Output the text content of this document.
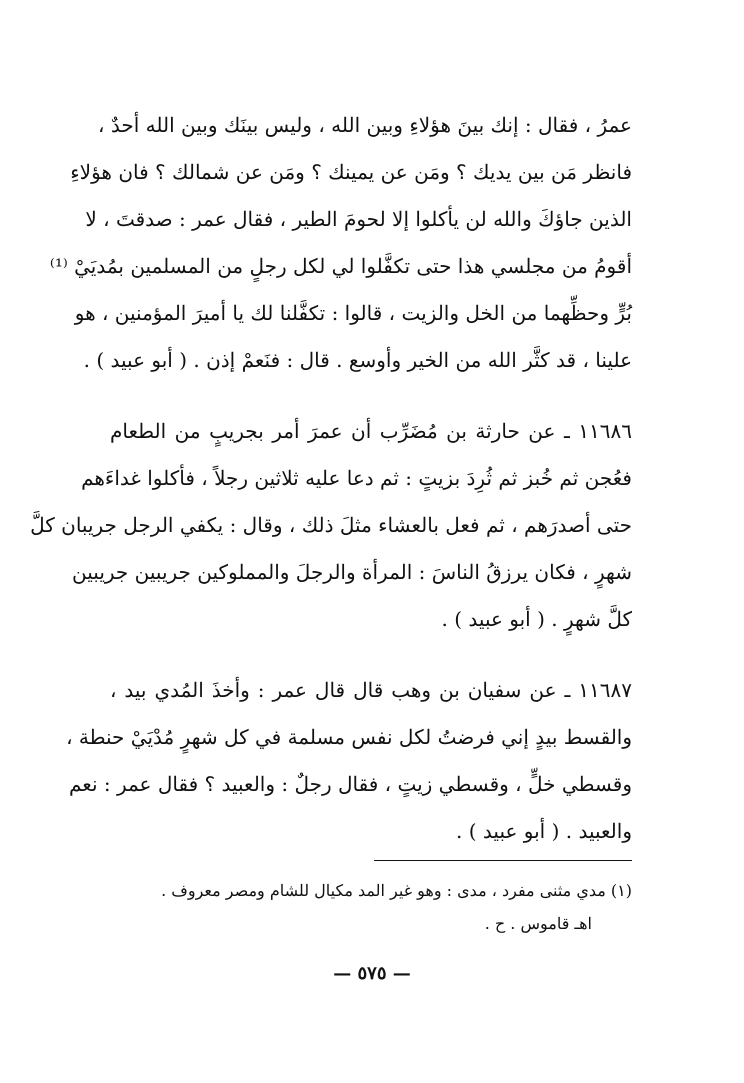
عمرُ ، فقال : إنك بينَ هؤلاءِ وبين الله ، وليس بينَك وبين الله أحدٌ ،
فانظر مَن بين يديك ؟ ومَن عن يمينك ؟ ومَن عن شمالك ؟ فان هؤلاءِ
الذين جاؤكَ والله لن يأكلوا إلا لحومَ الطير ، فقال عمر : صدقتَ ، لا
أقومُ من مجلسي هذا حتى تكفَّلوا لي لكل رجلٍ من المسلمين بمُديَيْ ⁽¹⁾
بُرٍّ وحظِّهما من الخل والزيت ، قالوا : تكفَّلنا لك يا أميرَ المؤمنين ، هو
علينا ، قد كثَّر الله من الخير وأوسع . قال : فنَعمْ إذن . ( أبو عبيد ) .
١١٦٨٦ ـ عن حارثة بن مُضَرِّب أن عمرَ أمر بجريبٍ من الطعام
فعُجن ثم خُبز ثم ثُرِدَ بزيتٍ : ثم دعا عليه ثلاثين رجلاً ، فأكلوا غداءَهم
حتى أصدرَهم ، ثم فعل بالعشاء مثلَ ذلك ، وقال : يكفي الرجل جريبان كلَّ
شهرٍ ، فكان يرزقُ الناسَ : المرأة والرجلَ والمملوكين جريبين جريبين
كلَّ شهرٍ . ( أبو عبيد ) .
١١٦٨٧ ـ عن سفيان بن وهب قال قال عمر : وأخذَ المُدي بيد ،
والقسط بيدٍ إني فرضتُ لكل نفس مسلمة في كل شهرٍ مُدْيَيْ حنطة ،
وقسطي خلٍّ ، وقسطي زيتٍ ، فقال رجلٌ : والعبيد ؟ فقال عمر : نعم
والعبيد . ( أبو عبيد ) .
(١) مدي مثنى مفرد ، مدى : وهو غير المد مكيال للشام ومصر معروف .
اهـ قاموس . ح .
— ٥٧٥ —
